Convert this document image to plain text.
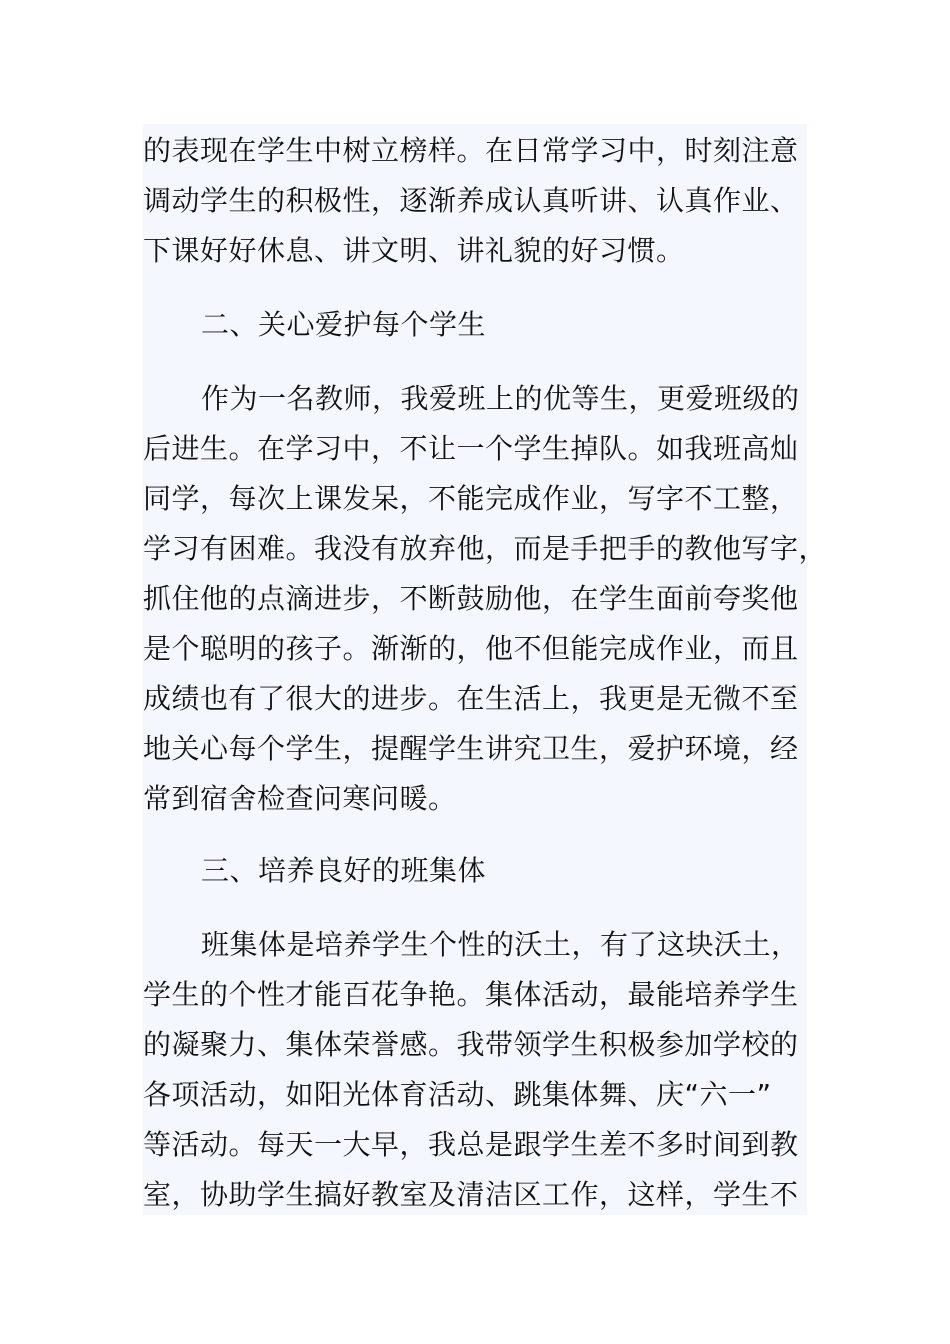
的表现在学生中树立榜样。在日常学习中，时刻注意
调动学生的积极性，逐渐养成认真听讲、认真作业、
下课好好休息、讲文明、讲礼貌的好习惯。
二、关心爱护每个学生
作为一名教师，我爱班上的优等生，更爱班级的
后进生。在学习中，不让一个学生掉队。如我班高灿
同学，每次上课发呆，不能完成作业，写字不工整，
学习有困难。我没有放弃他，而是手把手的教他写字，
抓住他的点滴进步，不断鼓励他，在学生面前夸奖他
是个聪明的孩子。渐渐的，他不但能完成作业，而且
成绩也有了很大的进步。在生活上，我更是无微不至
地关心每个学生，提醒学生讲究卫生，爱护环境，经
常到宿舍检查问寒问暖。
三、培养良好的班集体
班集体是培养学生个性的沃土，有了这块沃土，
学生的个性才能百花争艳。集体活动，最能培养学生
的凝聚力、集体荣誉感。我带领学生积极参加学校的
各项活动，如阳光体育活动、跳集体舞、庆“六一”
等活动。每天一大早，我总是跟学生差不多时间到教
室，协助学生搞好教室及清洁区工作，这样，学生不
